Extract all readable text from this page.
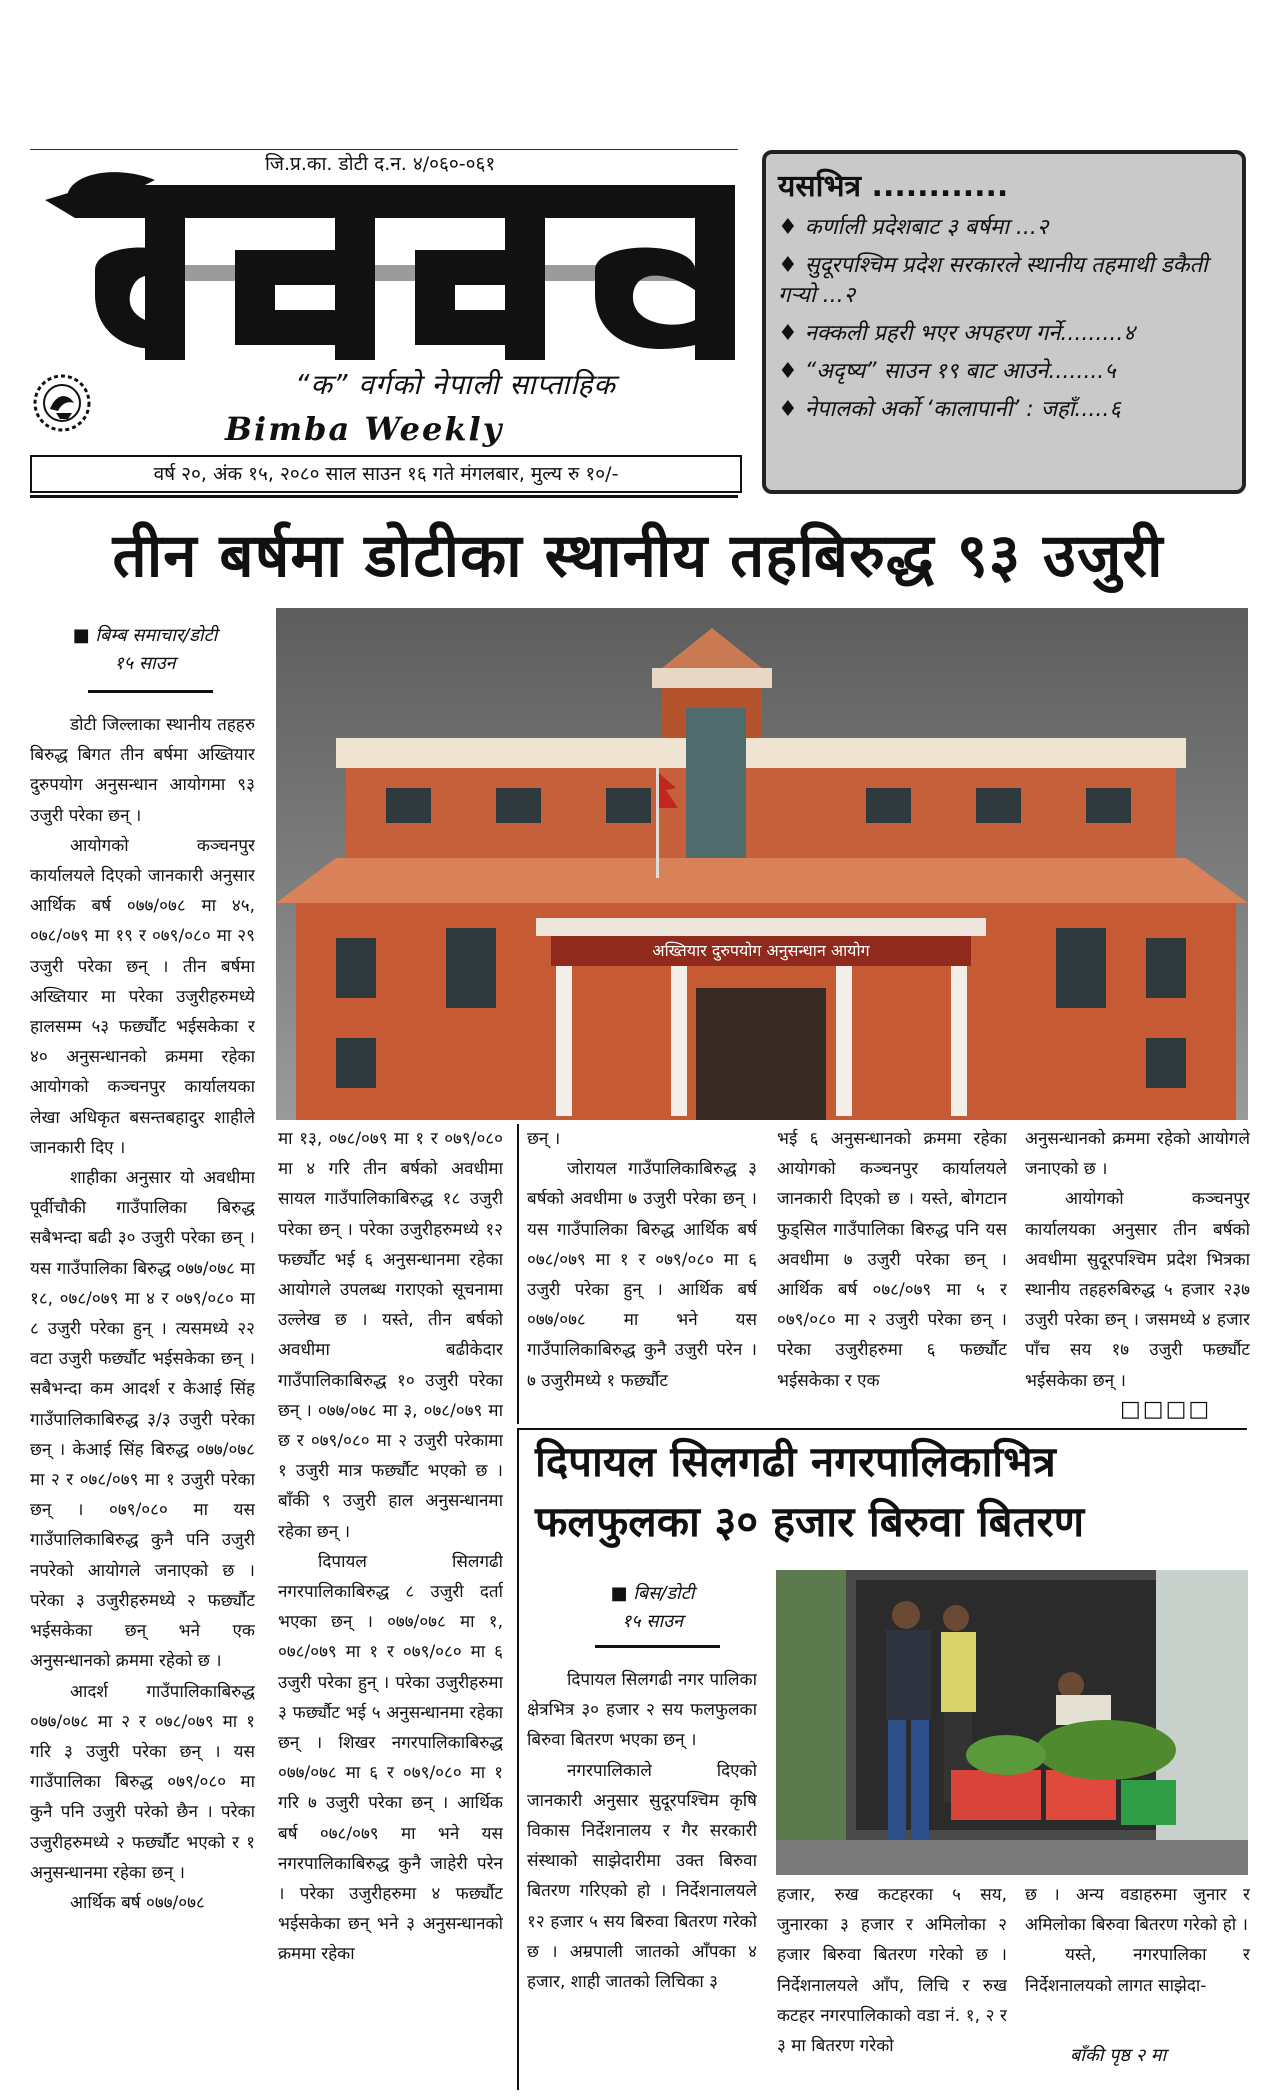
जि.प्र.का. डोटी द.न. ४/०६०-०६१
“क” वर्गको नेपाली साप्ताहिक
Bimba Weekly
वर्ष २०, अंक १५, २०८० साल साउन १६ गते मंगलबार, मुल्य रु १०/-
यसभित्र ............
♦ कर्णाली प्रदेशबाट ३ बर्षमा ...२
♦ सुदूरपश्चिम प्रदेश सरकारले स्थानीय तहमाथी डकैती गर्‍यो ...२
♦ नक्कली प्रहरी भएर अपहरण गर्ने.........४
♦ “अदृष्य” साउन १९ बाट आउने........५
♦ नेपालको अर्को ‘कालापानी’ : जहाँ.....६
तीन बर्षमा डोटीका स्थानीय तहबिरुद्ध ९३ उजुरी
■ बिम्ब समाचार/डोटी
१५ साउन

डोटी जिल्लाका स्थानीय तहहरु बिरुद्ध बिगत तीन बर्षमा अख्तियार दुरुपयोग अनुसन्धान आयोगमा ९३ उजुरी परेका छन् ।

आयोगको कञ्चनपुर कार्यालयले दिएको जानकारी अनुसार आर्थिक बर्ष ०७७/०७८ मा ४५, ०७८/०७९ मा १९ र ०७९/०८० मा २९ उजुरी परेका छन् । तीन बर्षमा अख्तियार मा परेका उजुरीहरुमध्ये हालसम्म ५३ फर्छ्यौट भईसकेका र ४० अनुसन्धानको क्रममा रहेका आयोगको कञ्चनपुर कार्यालयका लेखा अधिकृत बसन्तबहादुर शाहीले जानकारी दिए ।

शाहीका अनुसार यो अवधीमा पूर्वीचौकी गाउँपालिका बिरुद्ध सबैभन्दा बढी ३० उजुरी परेका छन् । यस गाउँपालिका बिरुद्ध ०७७/०७८ मा १८, ०७८/०७९ मा ४ र ०७९/०८० मा ८ उजुरी परेका हुन् । त्यसमध्ये २२ वटा उजुरी फर्छ्यौट भईसकेका छन् । सबैभन्दा कम आदर्श र केआई सिंह गाउँपालिकाबिरुद्ध ३/३ उजुरी परेका छन् । केआई सिंह बिरुद्ध ०७७/०७८ मा २ र ०७८/०७९ मा १ उजुरी परेका छन् । ०७९/०८० मा यस गाउँपालिकाबिरुद्ध कुनै पनि उजुरी नपरेको आयोगले जनाएको छ । परेका ३ उजुरीहरुमध्ये २ फर्छ्यौट भईसकेका छन् भने एक अनुसन्धानको क्रममा रहेको छ ।

आदर्श गाउँपालिकाबिरुद्ध ०७७/०७८ मा २ र ०७८/०७९ मा १ गरि ३ उजुरी परेका छन् । यस गाउँपालिका बिरुद्ध ०७९/०८० मा कुनै पनि उजुरी परेको छैन । परेका उजुरीहरुमध्ये २ फर्छ्यौट भएको र १ अनुसन्धानमा रहेका छन् ।

आर्थिक बर्ष ०७७/०७८

अख्तियार दुरुपयोग अनुसन्धान आयोग

मा १३, ०७८/०७९ मा १ र ०७९/०८० मा ४ गरि तीन बर्षको अवधीमा सायल गाउँपालिकाबिरुद्ध १८ उजुरी परेका छन् । परेका उजुरीहरुमध्ये १२ फर्छ्यौट भई ६ अनुसन्धानमा रहेका आयोगले उपलब्ध गराएको सूचनामा उल्लेख छ । यस्ते, तीन बर्षको अवधीमा बढीकेदार गाउँपालिकाबिरुद्ध १० उजुरी परेका छन् । ०७७/०७८ मा ३, ०७८/०७९ मा छ र ०७९/०८० मा २ उजुरी परेकामा १ उजुरी मात्र फर्छ्यौट भएको छ । बाँकी ९ उजुरी हाल अनुसन्धानमा रहेका छन् ।

दिपायल सिलगढी नगरपालिकाबिरुद्ध ८ उजुरी दर्ता भएका छन् । ०७७/०७८ मा १, ०७८/०७९ मा १ र ०७९/०८० मा ६ उजुरी परेका हुन् । परेका उजुरीहरुमा ३ फर्छ्यौट भई ५ अनुसन्धानमा रहेका छन् । शिखर नगरपालिकाबिरुद्ध ०७७/०७८ मा ६ र ०७९/०८० मा १ गरि ७ उजुरी परेका छन् । आर्थिक बर्ष ०७८/०७९ मा भने यस नगरपालिकाबिरुद्ध कुनै जाहेरी परेन । परेका उजुरीहरुमा ४ फर्छ्यौट भईसकेका छन् भने ३ अनुसन्धानको क्रममा रहेका

छन् ।

जोरायल गाउँपालिकाबिरुद्ध ३ बर्षको अवधीमा ७ उजुरी परेका छन् । यस गाउँपालिका बिरुद्ध आर्थिक बर्ष ०७८/०७९ मा १ र ०७९/०८० मा ६ उजुरी परेका हुन् । आर्थिक बर्ष ०७७/०७८ मा भने यस गाउँपालिकाबिरुद्ध कुनै उजुरी परेन । ७ उजुरीमध्ये १ फर्छ्यौट

भई ६ अनुसन्धानको क्रममा रहेका आयोगको कञ्चनपुर कार्यालयले जानकारी दिएको छ । यस्ते, बोगटान फुड्सिल गाउँपालिका बिरुद्ध पनि यस अवधीमा ७ उजुरी परेका छन् । आर्थिक बर्ष ०७८/०७९ मा ५ र ०७९/०८० मा २ उजुरी परेका छन् । परेका उजुरीहरुमा ६ फर्छ्यौट भईसकेका र एक

अनुसन्धानको क्रममा रहेको आयोगले जनाएको छ ।

आयोगको कञ्चनपुर कार्यालयका अनुसार तीन बर्षको अवधीमा सुदूरपश्चिम प्रदेश भित्रका स्थानीय तहहरुबिरुद्ध ५ हजार २३७ उजुरी परेका छन् । जसमध्ये ४ हजार पाँच सय १७ उजुरी फर्छ्यौट भईसकेका छन् ।

□□□□
दिपायल सिलगढी नगरपालिकाभित्र
फलफुलका ३० हजार बिरुवा बितरण
■ बिस/डोटी
१५ साउन

दिपायल सिलगढी नगर पालिका क्षेत्रभित्र ३० हजार २ सय फलफुलका बिरुवा बितरण भएका छन् ।

नगरपालिकाले दिएको जानकारी अनुसार सुदूरपश्चिम कृषि विकास निर्देशनालय र गैर सरकारी संस्थाको साझेदारीमा उक्त बिरुवा बितरण गरिएको हो । निर्देशनालयले १२ हजार ५ सय बिरुवा बितरण गरेको छ । अम्रपाली जातको आँपका ४ हजार, शाही जातको लिचिका ३

हजार, रुख कटहरका ५ सय, जुनारका ३ हजार र अमिलोका २ हजार बिरुवा बितरण गरेको छ । निर्देशनालयले आँप, लिचि र रुख कटहर नगरपालिकाको वडा नं. १, २ र ३ मा बितरण गरेको

छ । अन्य वडाहरुमा जुनार र अमिलोका बिरुवा बितरण गरेको हो ।

यस्ते, नगरपालिका र निर्देशनालयको लागत साझेदा-

बाँकी पृष्ठ २ मा
